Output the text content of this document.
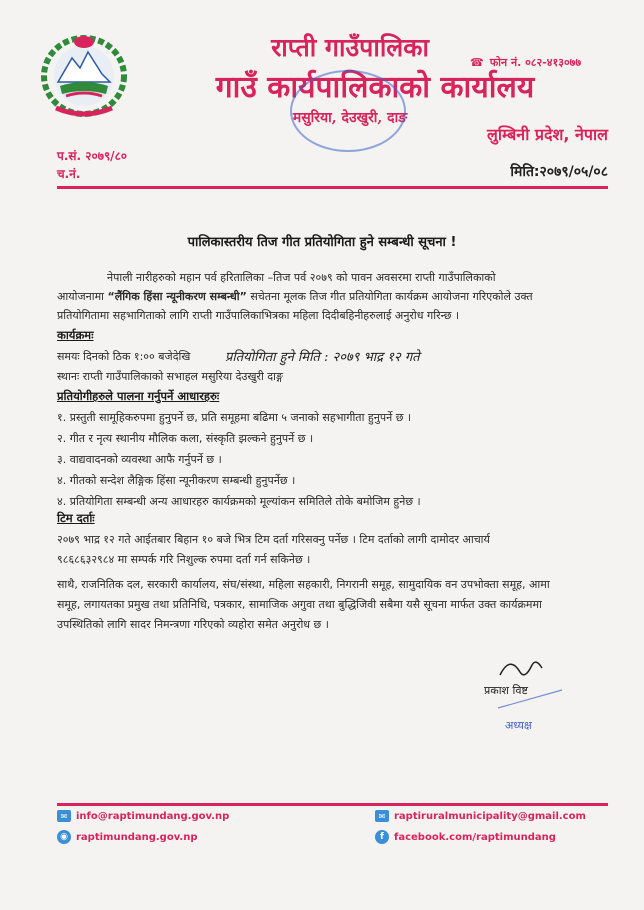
राप्ती गाउँपालिका
गाउँ कार्यपालिकाको कार्यालय
मसुरिया, देउखुरी, दाङ
☎ फोन नं. ०८२-४१३०७७
लुम्बिनी प्रदेश, नेपाल
प.सं. २०७९/८०
च.नं.	मिति:२०७९/०५/०८
पालिकास्तरीय तिज गीत प्रतियोगिता हुने सम्बन्धी सूचना !
नेपाली नारीहरुको महान पर्व हरितालिका –तिज पर्व २०७९ को पावन अवसरमा राप्ती गाउँपालिकाको
आयोजनामा “लैंगिक हिंसा न्यूनीकरण सम्बन्धी” सचेतना मूलक तिज गीत प्रतियोगिता कार्यक्रम आयोजना गरिएकोले उक्त
प्रतियोगितामा सहभागिताको लागि राप्ती गाउँपालिकाभित्रका महिला दिदीबहिनीहरुलाई अनुरोध गरिन्छ ।
कार्यक्रमः
समयः दिनको ठिक १:०० बजेदेखि	प्रतियोगिता हुने मिति : २०७९ भाद्र १२ गते
स्थानः राप्ती गाउँपालिकाको सभाहल मसुरिया देउखुरी दाङ्ग
प्रतियोगीहरुले पालना गर्नुपर्ने आधारहरुः
१. प्रस्तुती सामूहिकरुपमा हुनुपर्ने छ, प्रति समूहमा बढिमा ५ जनाको सहभागीता हुनुपर्ने छ ।
२. गीत र नृत्य स्थानीय मौलिक कला, संस्कृति झल्कने हुनुपर्ने छ ।
३. वाद्यवादनको व्यवस्था आफै गर्नुपर्ने छ ।
४. गीतको सन्देश लैङ्गिक हिंसा न्यूनीकरण सम्बन्धी हुनुपर्नेछ ।
४. प्रतियोगिता सम्बन्धी अन्य आधारहरु कार्यक्रमको मूल्यांकन समितिले तोके बमोजिम हुनेछ ।
टिम दर्ताः
२०७९ भाद्र १२ गते आईतबार बिहान १० बजे भित्र टिम दर्ता गरिसक्नु पर्नेछ । टिम दर्ताको लागी दामोदर आचार्य
९८६८६३२९८४ मा सम्पर्क गरि निशुल्क रुपमा दर्ता गर्न सकिनेछ ।
साथै, राजनितिक दल, सरकारी कार्यालय, संघ/संस्था, महिला सहकारी, निगरानी समूह, सामुदायिक वन उपभोक्ता समूह, आमा
समूह, लगायतका प्रमुख तथा प्रतिनिधि, पत्रकार, सामाजिक अगुवा तथा बुद्धिजिवी सबैमा यसै सूचना मार्फत उक्त कार्यक्रममा
उपस्थितिको लागि सादर निमन्त्रणा गरिएको व्यहोरा समेत अनुरोध छ ।
प्रकाश विष्ट
अध्यक्ष
✉ info@raptimundang.gov.np
◉ raptimundang.gov.np
✉ raptiruralmunicipality@gmail.com
f	facebook.com/raptimundang
